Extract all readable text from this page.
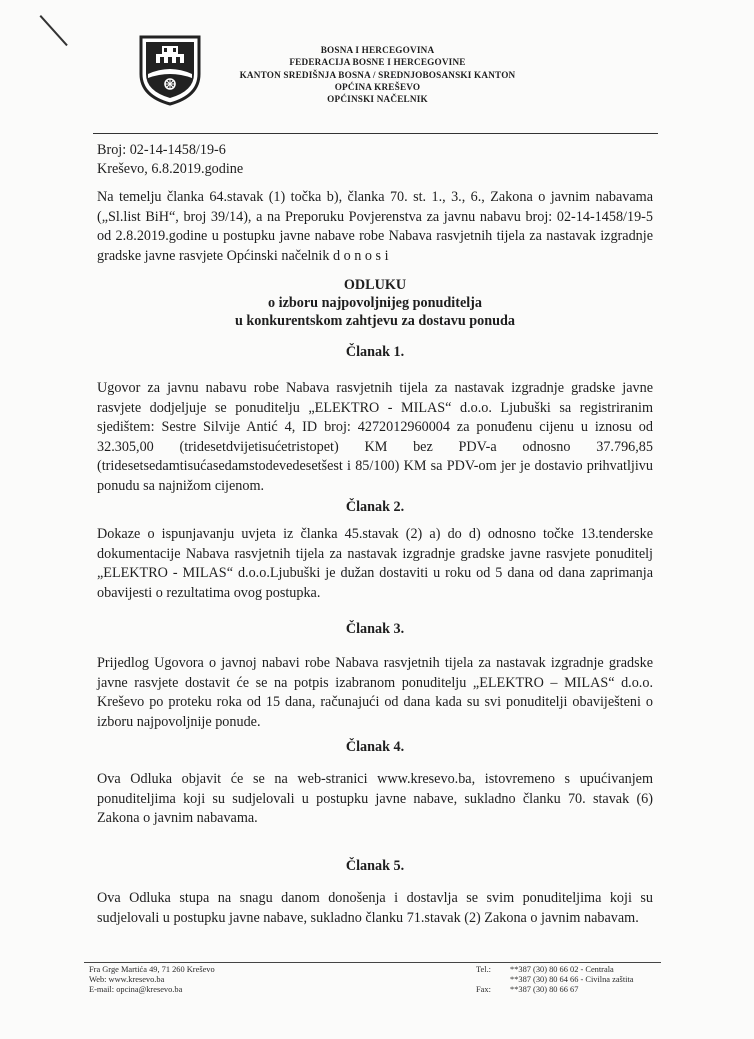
BOSNA I HERCEGOVINA
FEDERACIJA BOSNE I HERCEGOVINE
KANTON SREDIŠNJA BOSNA / SREDNJOBOSANSKI KANTON
OPĆINA KREŠEVO
OPĆINSKI NAČELNIK
Broj: 02-14-1458/19-6
Kreševo, 6.8.2019.godine
Na temelju članka 64.stavak (1) točka b), članka 70. st. 1., 3., 6., Zakona o javnim nabavama („Sl.list BiH“, broj 39/14), a na Preporuku Povjerenstva za javnu nabavu broj: 02-14-1458/19-5 od 2.8.2019.godine u postupku javne nabave robe Nabava rasvjetnih tijela za nastavak izgradnje gradske javne rasvjete Općinski načelnik d o n o s i
ODLUKU
o izboru najpovoljnijeg ponuditelja
u konkurentskom zahtjevu za dostavu ponuda
Članak 1.
Ugovor za javnu nabavu robe Nabava rasvjetnih tijela za nastavak izgradnje gradske javne rasvjete dodjeljuje se ponuditelju „ELEKTRO - MILAS“ d.o.o. Ljubuški sa registriranim sjedištem: Sestre Silvije Antić 4, ID broj: 4272012960004 za ponuđenu cijenu u iznosu od 32.305,00 (tridesetdvijetisućetristopet) KM bez PDV-a odnosno 37.796,85 (tridesetsedamtisućasedamstodevedesetšest i 85/100) KM sa PDV-om jer je dostavio prihvatljivu ponudu sa najnižom cijenom.
Članak 2.
Dokaze o ispunjavanju uvjeta iz članka 45.stavak (2) a) do d) odnosno točke 13.tenderske dokumentacije Nabava rasvjetnih tijela za nastavak izgradnje gradske javne rasvjete ponuditelj „ELEKTRO - MILAS“ d.o.o.Ljubuški je dužan dostaviti u roku od 5 dana od dana zaprimanja obavijesti o rezultatima ovog postupka.
Članak 3.
Prijedlog Ugovora o javnoj nabavi robe Nabava rasvjetnih tijela za nastavak izgradnje gradske javne rasvjete dostavit će se na potpis izabranom ponuditelju „ELEKTRO – MILAS“ d.o.o. Kreševo po proteku roka od 15 dana, računajući od dana kada su svi ponuditelji obaviješteni o izboru najpovoljnije ponude.
Članak 4.
Ova Odluka objavit će se na web-stranici www.kresevo.ba, istovremeno s upućivanjem ponuditeljima koji su sudjelovali u postupku javne nabave, sukladno članku 70. stavak (6) Zakona o javnim nabavama.
Članak 5.
Ova Odluka stupa na snagu danom donošenja i dostavlja se svim ponuditeljima koji su sudjelovali u postupku javne nabave, sukladno članku 71.stavak (2) Zakona o javnim nabavam.
Fra Grge Martića 49, 71 260 Kreševo
Web: www.kresevo.ba
E-mail: opcina@kresevo.ba
Tel.: **387 (30) 80 66 02 - Centrala
**387 (30) 80 64 66 - Civilna zaštita
Fax: **387 (30) 80 66 67
